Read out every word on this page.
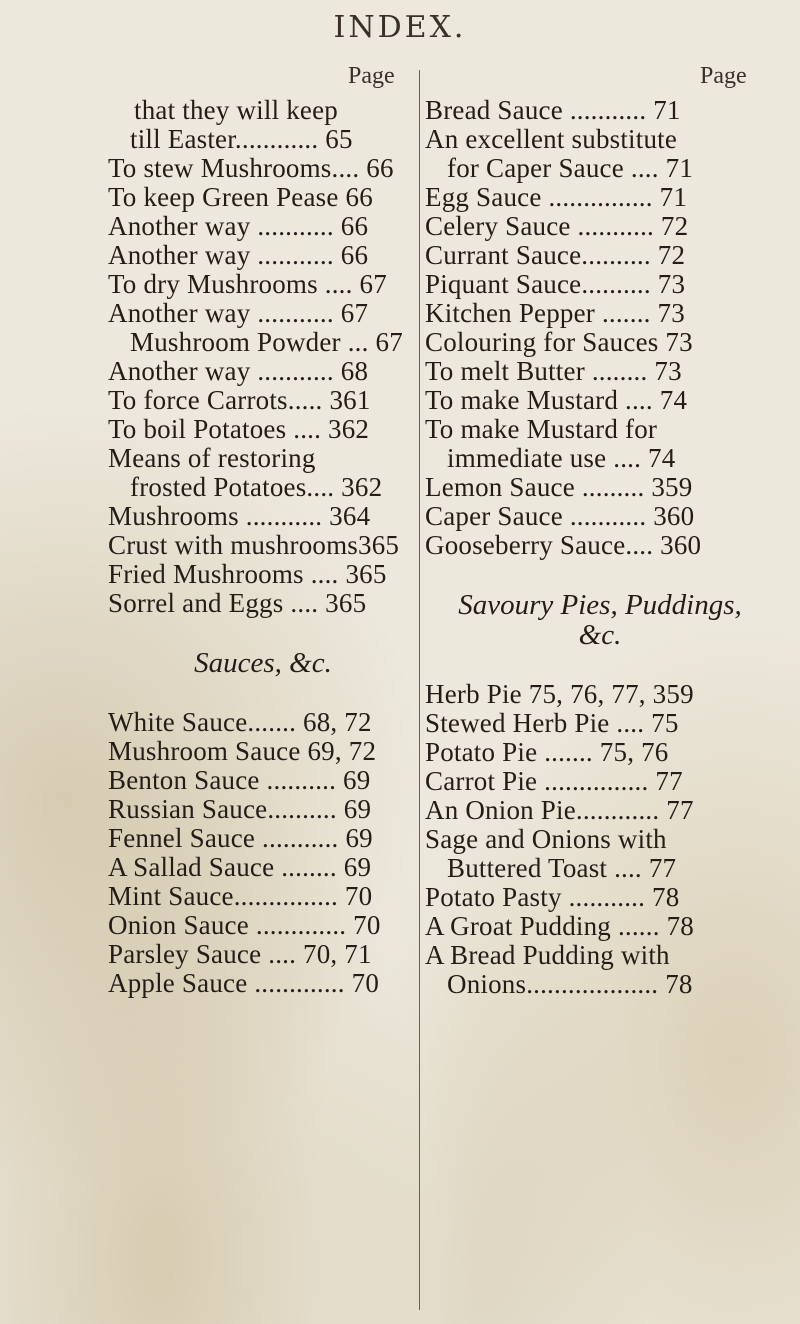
INDEX.
Page	Page
that they will keep
till Easter............ 65
To stew Mushrooms.... 66
To keep Green Pease 66
Another way ........... 66
Another way ........... 66
To dry Mushrooms .... 67
Another way ........... 67
Mushroom Powder ... 67
Another way ........... 68
To force Carrots..... 361
To boil Potatoes .... 362
Means of restoring
frosted Potatoes.... 362
Mushrooms ........... 364
Crust with mushrooms365
Fried Mushrooms .... 365
Sorrel and Eggs .... 365
Sauces, &c.
White Sauce....... 68, 72
Mushroom Sauce 69, 72
Benton Sauce .......... 69
Russian Sauce.......... 69
Fennel Sauce ........... 69
A Sallad Sauce ........ 69
Mint Sauce............... 70
Onion Sauce ............. 70
Parsley Sauce .... 70, 71
Apple Sauce ............. 70
Bread Sauce ........... 71
An excellent substitute
for Caper Sauce .... 71
Egg Sauce ............... 71
Celery Sauce ........... 72
Currant Sauce.......... 72
Piquant Sauce.......... 73
Kitchen Pepper ....... 73
Colouring for Sauces 73
To melt Butter ........ 73
To make Mustard .... 74
To make Mustard for
immediate use .... 74
Lemon Sauce ......... 359
Caper Sauce ........... 360
Gooseberry Sauce.... 360
Savoury Pies, Puddings,
&c.
Herb Pie 75, 76, 77, 359
Stewed Herb Pie .... 75
Potato Pie ....... 75, 76
Carrot Pie ............... 77
An Onion Pie............ 77
Sage and Onions with
Buttered Toast .... 77
Potato Pasty ........... 78
A Groat Pudding ...... 78
A Bread Pudding with
Onions................... 78
